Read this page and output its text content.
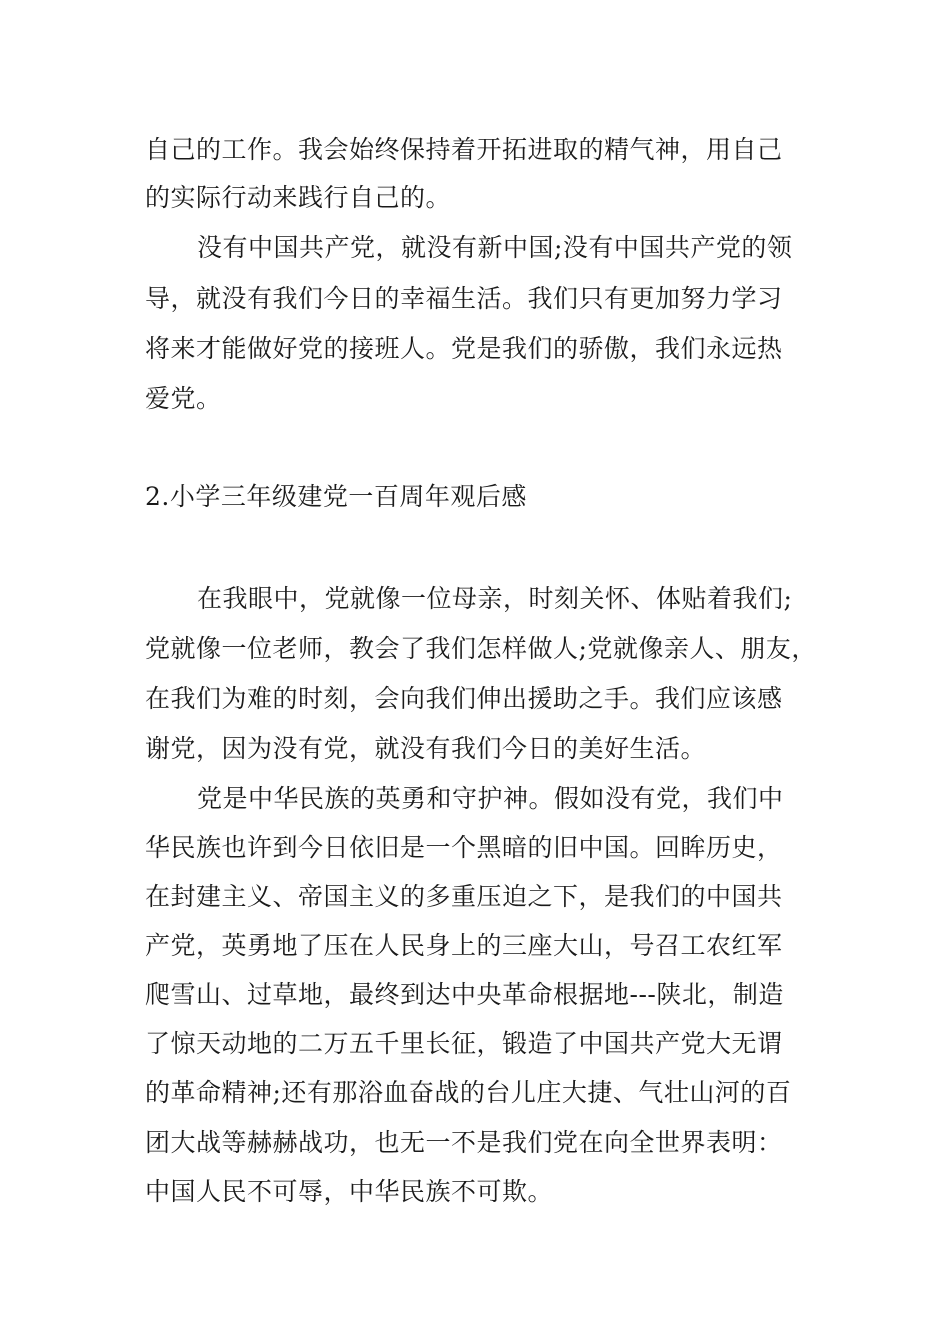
自己的工作。我会始终保持着开拓进取的精气神，用自己
的实际行动来践行自己的。
没有中国共产党，就没有新中国;没有中国共产党的领
导，就没有我们今日的幸福生活。我们只有更加努力学习
将来才能做好党的接班人。党是我们的骄傲，我们永远热
爱党。
2.小学三年级建党一百周年观后感
在我眼中，党就像一位母亲，时刻关怀、体贴着我们;
党就像一位老师，教会了我们怎样做人;党就像亲人、朋友，
在我们为难的时刻，会向我们伸出援助之手。我们应该感
谢党，因为没有党，就没有我们今日的美好生活。
党是中华民族的英勇和守护神。假如没有党，我们中
华民族也许到今日依旧是一个黑暗的旧中国。回眸历史，
在封建主义、帝国主义的多重压迫之下，是我们的中国共
产党，英勇地了压在人民身上的三座大山，号召工农红军
爬雪山、过草地，最终到达中央革命根据地---陕北，制造
了惊天动地的二万五千里长征，锻造了中国共产党大无谓
的革命精神;还有那浴血奋战的台儿庄大捷、气壮山河的百
团大战等赫赫战功，也无一不是我们党在向全世界表明：
中国人民不可辱，中华民族不可欺。
